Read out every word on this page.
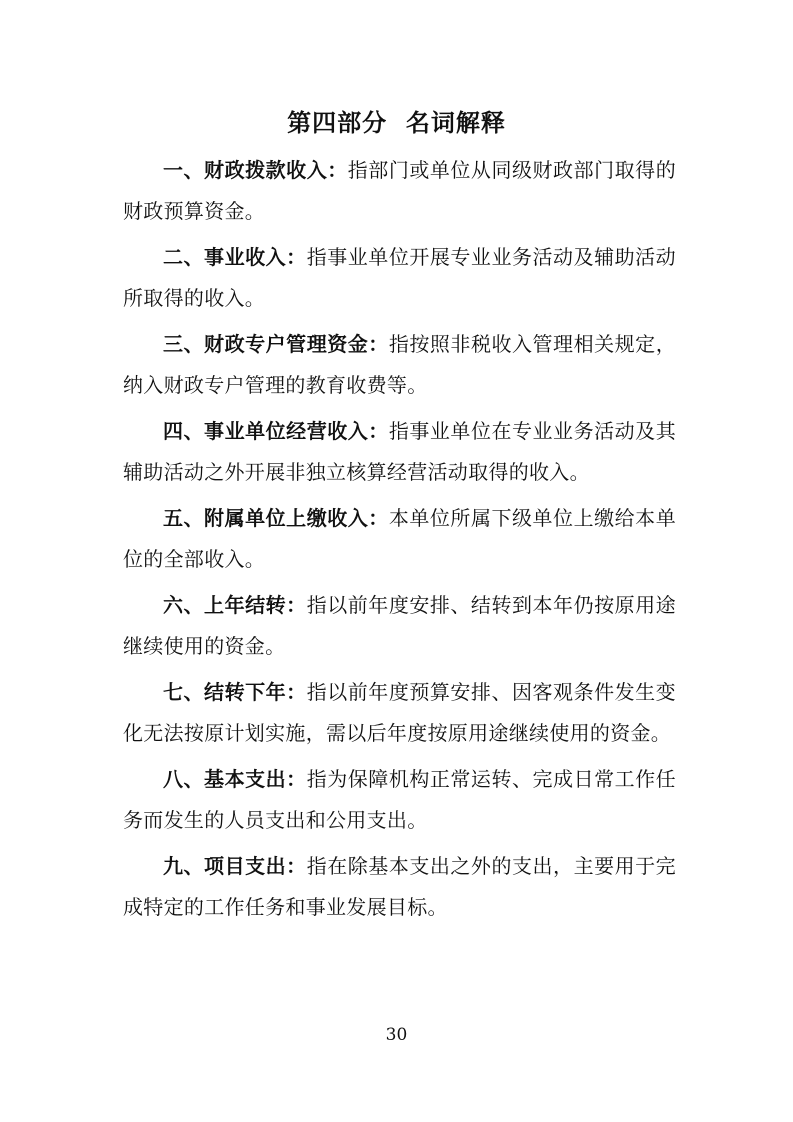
第四部分  名词解释

一、财政拨款收入：指部门或单位从同级财政部门取得的财政预算资金。

二、事业收入：指事业单位开展专业业务活动及辅助活动所取得的收入。

三、财政专户管理资金：指按照非税收入管理相关规定，纳入财政专户管理的教育收费等。

四、事业单位经营收入：指事业单位在专业业务活动及其辅助活动之外开展非独立核算经营活动取得的收入。

五、附属单位上缴收入：本单位所属下级单位上缴给本单位的全部收入。

六、上年结转：指以前年度安排、结转到本年仍按原用途继续使用的资金。

七、结转下年：指以前年度预算安排、因客观条件发生变化无法按原计划实施，需以后年度按原用途继续使用的资金。

八、基本支出：指为保障机构正常运转、完成日常工作任务而发生的人员支出和公用支出。

九、项目支出：指在除基本支出之外的支出，主要用于完成特定的工作任务和事业发展目标。

30
